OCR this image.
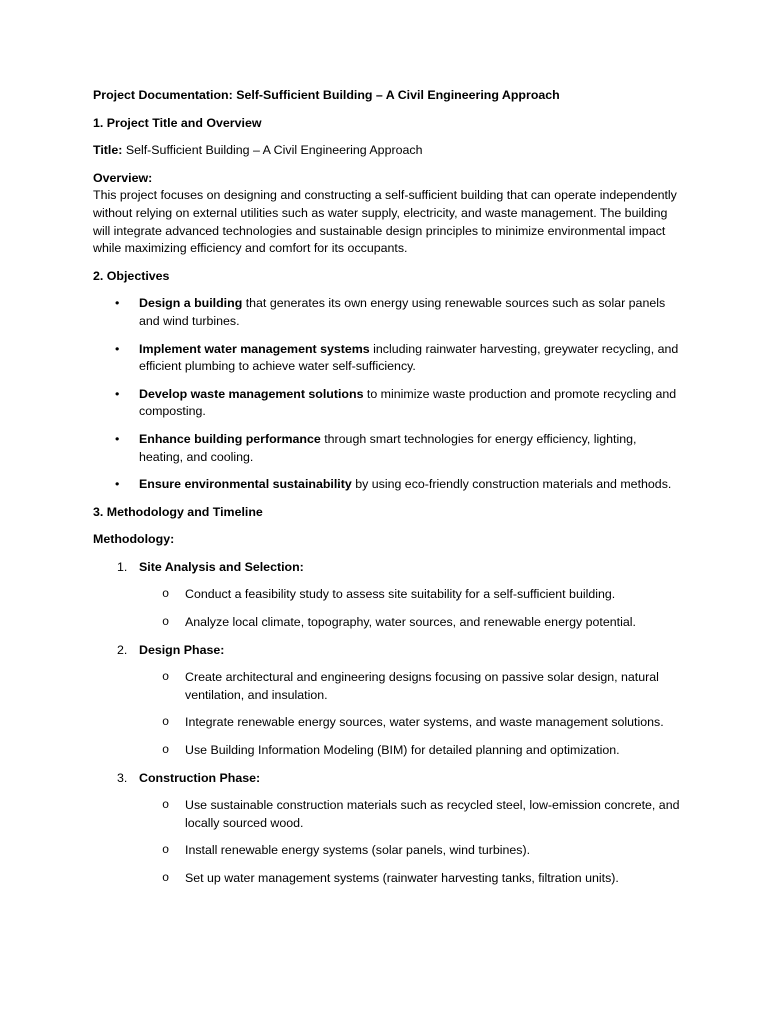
Project Documentation: Self-Sufficient Building – A Civil Engineering Approach

1. Project Title and Overview

Title: Self-Sufficient Building – A Civil Engineering Approach

Overview:

This project focuses on designing and constructing a self-sufficient building that can operate independently without relying on external utilities such as water supply, electricity, and waste management. The building will integrate advanced technologies and sustainable design principles to minimize environmental impact while maximizing efficiency and comfort for its occupants.

2. Objectives

• Design a building that generates its own energy using renewable sources such as solar panels and wind turbines.
• Implement water management systems including rainwater harvesting, greywater recycling, and efficient plumbing to achieve water self-sufficiency.
• Develop waste management solutions to minimize waste production and promote recycling and composting.
• Enhance building performance through smart technologies for energy efficiency, lighting, heating, and cooling.
• Ensure environmental sustainability by using eco-friendly construction materials and methods.

3. Methodology and Timeline

Methodology:

1. Site Analysis and Selection:

o Conduct a feasibility study to assess site suitability for a self-sufficient building.
o Analyze local climate, topography, water sources, and renewable energy potential.

2. Design Phase:

o Create architectural and engineering designs focusing on passive solar design, natural ventilation, and insulation.
o Integrate renewable energy sources, water systems, and waste management solutions.
o Use Building Information Modeling (BIM) for detailed planning and optimization.

3. Construction Phase:

o Use sustainable construction materials such as recycled steel, low-emission concrete, and locally sourced wood.
o Install renewable energy systems (solar panels, wind turbines).
o Set up water management systems (rainwater harvesting tanks, filtration units).
